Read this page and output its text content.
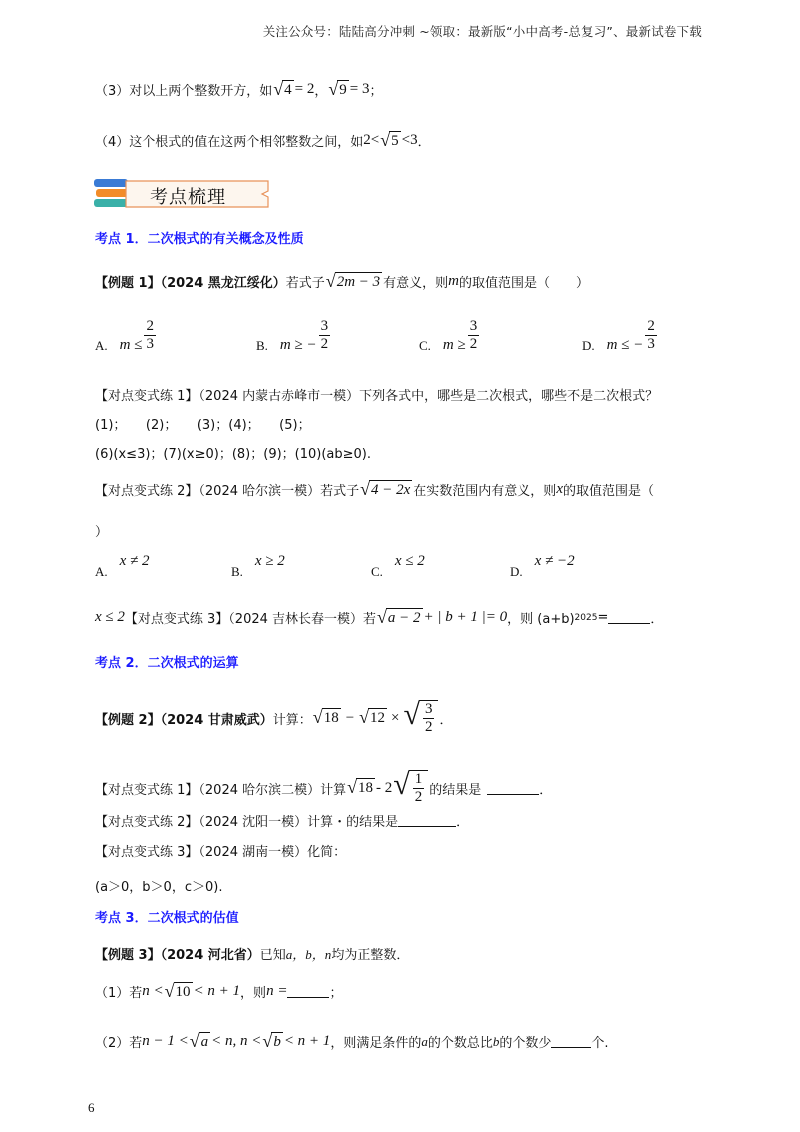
关注公众号：陆陆高分冲刺 ~领取：最新版“小中高考-总复习”、最新试卷下载
（3）对以上两个整数开方，如 √ 4 = 2 ， √ 9 = 3 ；
（4）这个根式的值在这两个相邻整数之间，如 2< √ 5 <3 ．
考点梳理
考点 1．二次根式的有关概念及性质
【例题 1】（2024 黑龙江绥化） 若式子 √ 2m − 3 有意义，则 m 的取值范围是（　　）
A. $m \le \frac{2}{3}$	B. m ≥ − $\frac{3}{2}$	C. $m \ge \frac{3}{2}$	D. m ≤ − $\frac{2}{3}$
【对点变式练 1】（2024 内蒙古赤峰市一模）下列各式中，哪些是二次根式，哪些不是二次根式？
(1)；　　(2)；　　(3)；(4)；　　(5)；
(6)(x≤3)；(7)(x≥0)；(8)；(9)；(10)(ab≥0).
【对点变式练 2】（2024 哈尔滨一模）若式子 √ 4 − 2x 在实数范围内有意义，则 x 的取值范围是（
）
A.
x ≠ 2
B.
x ≥ 2
C.
x ≤ 2
D.
x ≠ −2
x ≤ 2 【对点变式练 3】（2024 吉林长春一模）若 √ a − 2 + | b + 1 |= 0 ，则 (a+b) 2025 =	．
考点 2．二次根式的运算
【例题 2】（2024 甘肃威武） 计算： √ 18 − √ 12 × √ $\frac{3}{2}$ ．
【对点变式练 1】（2024 哈尔滨二模）计算 √ 18 - 2 √ $\frac{1}{2}$ 的结果是	．
【对点变式练 2】（2024 沈阳一模）计算・的结果是	．
【对点变式练 3】（2024 湖南一模）化简：
(a＞0，b＞0，c＞0).
考点 3．二次根式的估值
【例题 3】（2024 河北省） 已知 a，b，n 均为正整数．
（1）若 n < √ 10 < n + 1 ，则 n =	；
（2）若 n − 1 < √ a < n, n < √ b < n + 1 ，则满足条件的 a 的个数总比 b 的个数少	个.
6
